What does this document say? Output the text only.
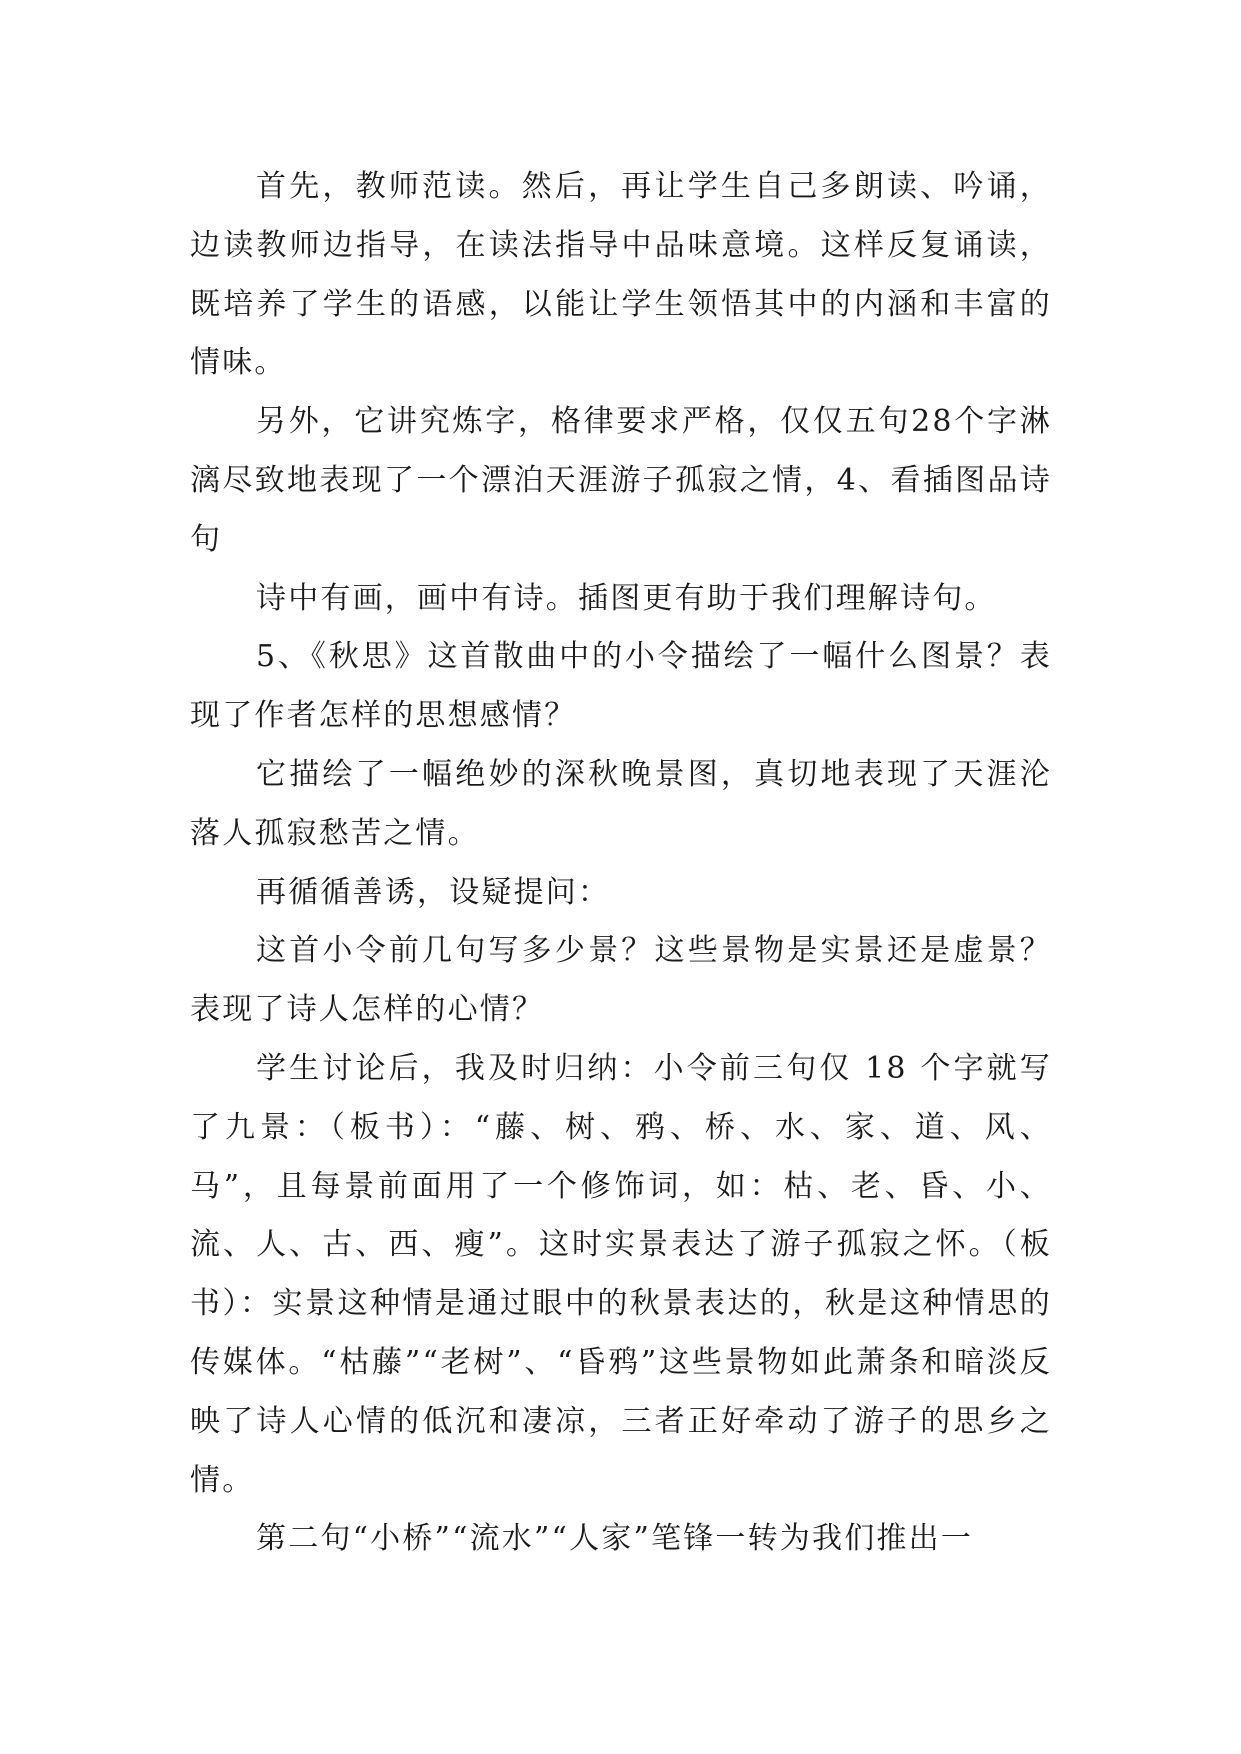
首先，教师范读。然后，再让学生自己多朗读、吟诵，边读教师边指导，在读法指导中品味意境。这样反复诵读，既培养了学生的语感，以能让学生领悟其中的内涵和丰富的情味。

另外，它讲究炼字，格律要求严格，仅仅五句28个字淋漓尽致地表现了一个漂泊天涯游子孤寂之情，4、看插图品诗句

诗中有画，画中有诗。插图更有助于我们理解诗句。

5、《秋思》这首散曲中的小令描绘了一幅什么图景？表现了作者怎样的思想感情？

它描绘了一幅绝妙的深秋晚景图，真切地表现了天涯沦落人孤寂愁苦之情。

再循循善诱，设疑提问：

这首小令前几句写多少景？这些景物是实景还是虚景？表现了诗人怎样的心情？

学生讨论后，我及时归纳：小令前三句仅 18 个字就写了九景：（板书）：“藤、树、鸦、桥、水、家、道、风、马”，且每景前面用了一个修饰词，如：枯、老、昏、小、流、人、古、西、瘦”。这时实景表达了游子孤寂之怀。（板书）：实景这种情是通过眼中的秋景表达的，秋是这种情思的传媒体。“枯藤”“老树”、“昏鸦”这些景物如此萧条和暗淡反映了诗人心情的低沉和凄凉，三者正好牵动了游子的思乡之情。

第二句“小桥”“流水”“人家”笔锋一转为我们推出一
